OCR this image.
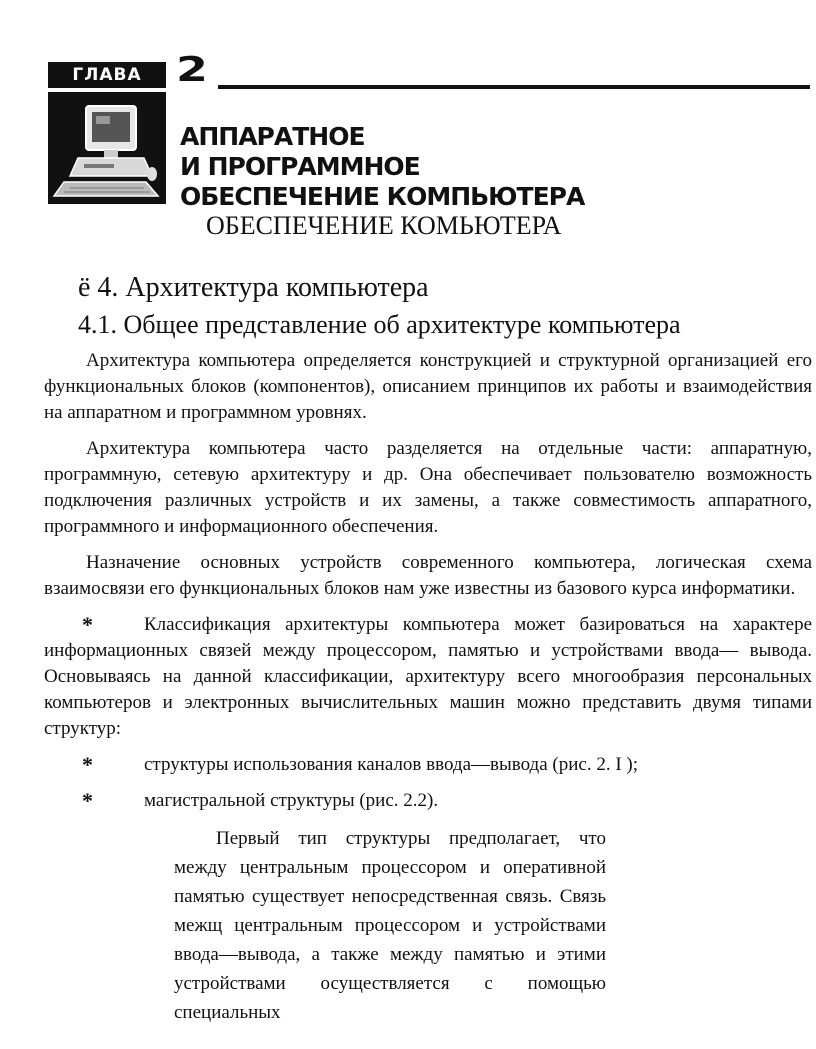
ГЛАВА	2
АППАРАТНОЕ
И ПРОГРАММНОЕ
ОБЕСПЕЧЕНИЕ КОМПЬЮТЕРА
ОБЕСПЕЧЕНИЕ КОМЬЮТЕРА
ё 4. Архитектура компьютера
4.1. Общее представление об архитектуре компьютера

Архитектура компьютера определяется конструкцией и структурной организацией его функциональных блоков (компонентов), описанием принципов их работы и взаимодействия на аппаратном и программном уровнях.

Архитектура компьютера часто разделяется на отдельные части: аппаратную, программную, сетевую архитектуру и др. Она обеспечивает пользователю возможность подключения различных устройств и их замены, а также совместимость аппаратного, программного и информационного обеспечения.

Назначение основных устройств современного компьютера, логическая схема взаимосвязи его функциональных блоков нам уже известны из базового курса информатики.

*	Классификация архитектуры компьютера может базироваться на характере информационных связей между процессором, памятью и устройствами ввода— вывода. Основываясь на данной классификации, архитектуру всего многообразия персональных компьютеров и электронных вычислительных машин можно представить двумя типами структур:
*	структуры использования каналов ввода—вывода (рис. 2. I );
*	магистральной структуры (рис. 2.2).

Первый тип структуры предполагает, что между центральным процессором и оперативной памятью существует непосредственная связь. Связь межщ центральным процессором и устройствами ввода—вывода, а также между памятью и этими устройствами осуществляется с помощью специальных
